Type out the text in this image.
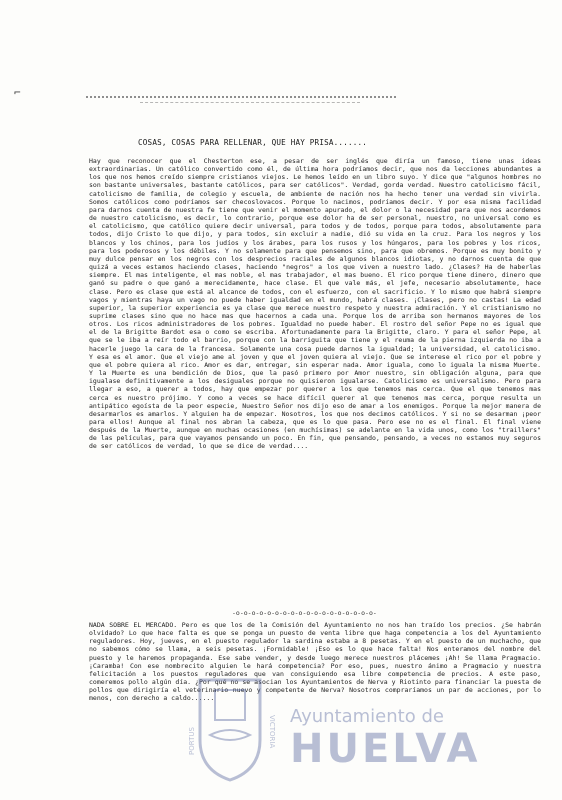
⌐
COSAS, COSAS PARA RELLENAR, QUE HAY PRISA.......

Hay que reconocer que el Chesterton ese, a pesar de ser inglés que diría un famoso, tiene unas ideas extraordinarias. Un católico convertido como él, de última hora podríamos decir, que nos da lecciones abundantes a los que nos hemos creído siempre cristianos viejos. Le hemos leído en un libro suyo. Y dice que "algunos hombres no son bastante universales, bastante católicos, para ser católicos". Verdad, gorda verdad. Nuestro catolicismo fácil, catolicismo de familia, de colegio y escuela, de ambiente de nación nos ha hecho tener una verdad sin vivirla. Somos católicos como podríamos ser checoslovacos. Porque lo nacimos, podríamos decir. Y por esa misma facilidad para darnos cuenta de nuestra fe tiene que venir el momento apurado, el dolor o la necesidad para que nos acordemos de nuestro catolicismo, es decir, lo contrario, porque ese dolor ha de ser personal, nuestro, no universal como es el catolicismo, que católico quiere decir universal, para todos y de todos, porque para todos, absolutamente para todos, dijo Cristo lo que dijo, y para todos, sin excluir a nadie, dió su vida en la cruz. Para los negros y los blancos y los chinos, para los judíos y los árabes, para los rusos y los húngaros, para los pobres y los ricos, para los poderosos y los débiles. Y no solamente para que pensemos sino, para que obremos. Porque es muy bonito y muy dulce pensar en los negros con los desprecios raciales de algunos blancos idiotas, y no darnos cuenta de que quizá a veces estamos haciendo clases, haciendo "negros" a los que viven a nuestro lado. ¿Clases? Ha de haberlas siempre. El mas inteligente, el mas noble, el mas trabajador, el mas bueno. El rico porque tiene dinero, dinero que ganó su padre o que ganó a merecidamente, hace clase. El que vale más, el jefe, necesario absolutamente, hace clase. Pero es clase que está al alcance de todos, con el esfuerzo, con el sacrificio. Y lo mismo que habrá siempre vagos y mientras haya un vago no puede haber igualdad en el mundo, habrá clases. ¡Clases, pero no castas! La edad superior, la superior experiencia es ya clase que merece nuestro respeto y nuestra admiración. Y el cristianismo no suprime clases sino que no hace mas que hacernos a cada una. Porque los de arriba son hermanos mayores de los otros. Los ricos administradores de los pobres. Igualdad no puede haber. El rostro del señor Pepe no es igual que el de la Brigitte Bardot esa o como se escriba. Afortunadamente para la Brigitte, claro. Y para el señor Pepe, al que se le iba a reír todo el barrio, porque con la barriguita que tiene y el reuma de la pierna izquierda no iba a hacerle juego la cara de la francesa. Solamente una cosa puede darnos la igualdad; la universidad, el catolicismo. Y esa es el amor. Que el viejo ame al joven y que el joven quiera al viejo. Que se interese el rico por el pobre y que el pobre quiera al rico. Amor es dar, entregar, sin esperar nada. Amor iguala, como lo iguala la misma Muerte. Y la Muerte es una bendición de Dios, que la pasó primero por Amor nuestro, sin obligación alguna, para que igualase definitivamente a los desiguales porque no quisieron igualarse. Catolicismo es universalismo. Pero para llegar a eso, a querer a todos, hay que empezar por querer a los que tenemos mas cerca. Que el que tenemos mas cerca es nuestro prójimo. Y como a veces se hace difícil querer al que tenemos mas cerca, porque resulta un antipático egoísta de la peor especie, Nuestro Señor nos dijo eso de amar a los enemigos. Porque la mejor manera de desarmarlos es amarlos. Y alguien ha de empezar. Nosotros, los que nos decimos católicos. Y si no se desarman ¡peor para ellos! Aunque al final nos abran la cabeza, que es lo que pasa. Pero ese no es el final. El final viene después de la Muerte, aunque en muchas ocasiones (en muchísimas) se adelante en la vida unos, como los "traillers" de las películas, para que vayamos pensando un poco. En fin, que pensando, pensando, a veces no estamos muy seguros de ser católicos de verdad, lo que se dice de verdad....

-o-o-o-o-o-o-o-o-o-o-o-o-o-o-o-o-o-o-

NADA SOBRE EL MERCADO. Pero es que los de la Comisión del Ayuntamiento no nos han traído los precios. ¿Se habrán olvidado? Lo que hace falta es que se ponga un puesto de venta libre que haga competencia a los del Ayuntamiento reguladores. Hoy, jueves, en el puesto regulador la sardina estaba a 8 pesetas. Y en el puesto de un muchacho, que no sabemos cómo se llama, a seis pesetas. ¡Formidable! ¡Eso es lo que hace falta! Nos enteramos del nombre del puesto y le haremos propaganda. Ese sabe vender, y desde luego merece nuestros plácemes ¡Ah! Se llama Pragmacio. ¡Caramba! Con ese nombrecito alguien le hará competencia? Por eso, pues, nuestro ánimo a Pragmacio y nuestra felicitación a los puestos reguladores que van consiguiendo esa libre competencia de precios. A este paso, comeremos pollo algún día. ¿Por qué no se asocian los Ayuntamientos de Nerva y Riotinto para financiar la puesta de pollos que dirigiría el veterinario nuevo y competente de Nerva? Nosotros compraríamos un par de acciones, por lo menos, con derecho a caldo......

PORTUS	VICTORIA Ayuntamiento de
HUELVA
